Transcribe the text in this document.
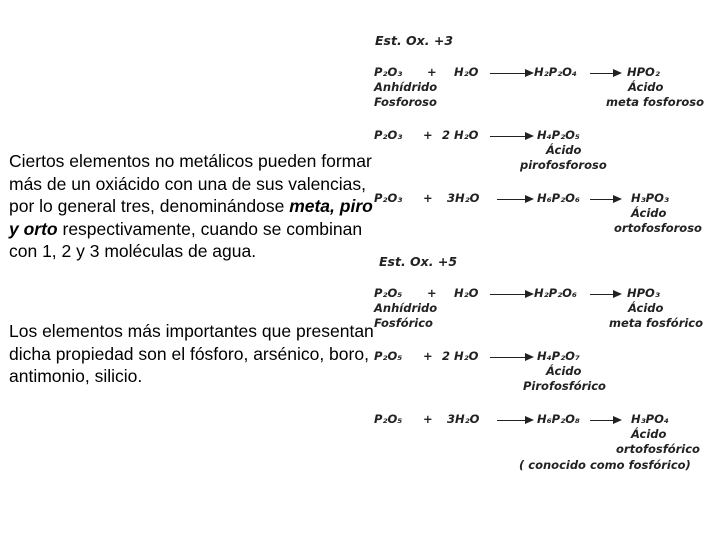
Ciertos elementos no metálicos pueden formar más de un oxiácido con una de sus valencias, por lo general tres, denominándose meta, piro y orto respectivamente, cuando se combinan con 1, 2 y 3 moléculas de agua.

Los elementos más importantes que presentan dicha propiedad son el fósforo, arsénico, boro, antimonio, silicio.

Est. Ox. +3
P₂O₃ + H₂O → H₂P₂O₄ → HPO₂
Anhídrido
Fosforoso
Ácido
meta fosforoso
P₂O₃ + 2 H₂O → H₄P₂O₅
Ácido
pirofosforoso
P₂O₃ + 3H₂O → H₆P₂O₆ → H₃PO₃
Ácido
ortofosforoso
Est. Ox. +5
P₂O₅ + H₂O → H₂P₂O₆ → HPO₃
Anhídrido
Fosfórico
Ácido
meta fosfórico
P₂O₅ + 2 H₂O → H₄P₂O₇
Ácido
Pirofosfórico
P₂O₅ + 3H₂O → H₆P₂O₈ → H₃PO₄
Ácido
ortofosfórico
( conocido como fosfórico)
